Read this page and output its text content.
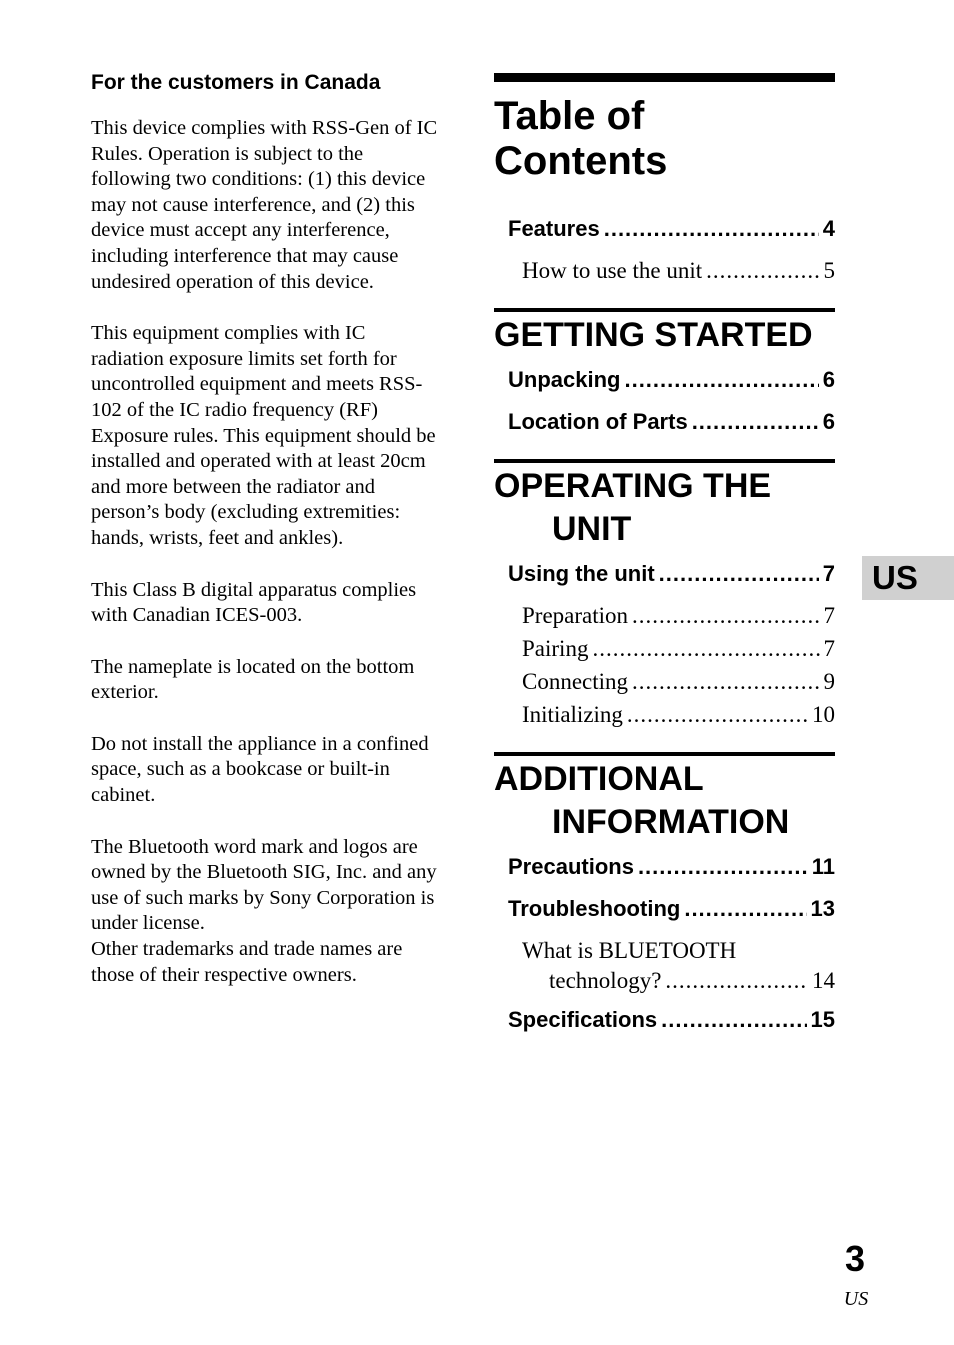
For the customers in Canada

This device complies with RSS-Gen of IC Rules. Operation is subject to the following two conditions: (1) this device may not cause interference, and (2) this device must accept any interference, including interference that may cause undesired operation of this device.

This equipment complies with IC radiation exposure limits set forth for uncontrolled equipment and meets RSS-102 of the IC radio frequency (RF) Exposure rules. This equipment should be installed and operated with at least 20cm and more between the radiator and person’s body (excluding extremities: hands, wrists, feet and ankles).

This Class B digital apparatus complies with Canadian ICES-003.

The nameplate is located on the bottom exterior.

Do not install the appliance in a confined space, such as a bookcase or built-in cabinet.

The Bluetooth word mark and logos are owned by the Bluetooth SIG, Inc. and any use of such marks by Sony Corporation is under license.

Other trademarks and trade names are those of their respective owners.

Table of
Contents
Features .....	4
How to use the unit .....	5
GETTING STARTED
Unpacking .....	6
Location of Parts .....	6
OPERATING THE
UNIT
Using the unit .....	7
Preparation .....	7
Pairing .....	7
Connecting .....	9
Initializing .....	10
ADDITIONAL
INFORMATION
Precautions .....	11
Troubleshooting .....	13
What is BLUETOOTH
technology? .....	14
Specifications .....	15
US
3
US
